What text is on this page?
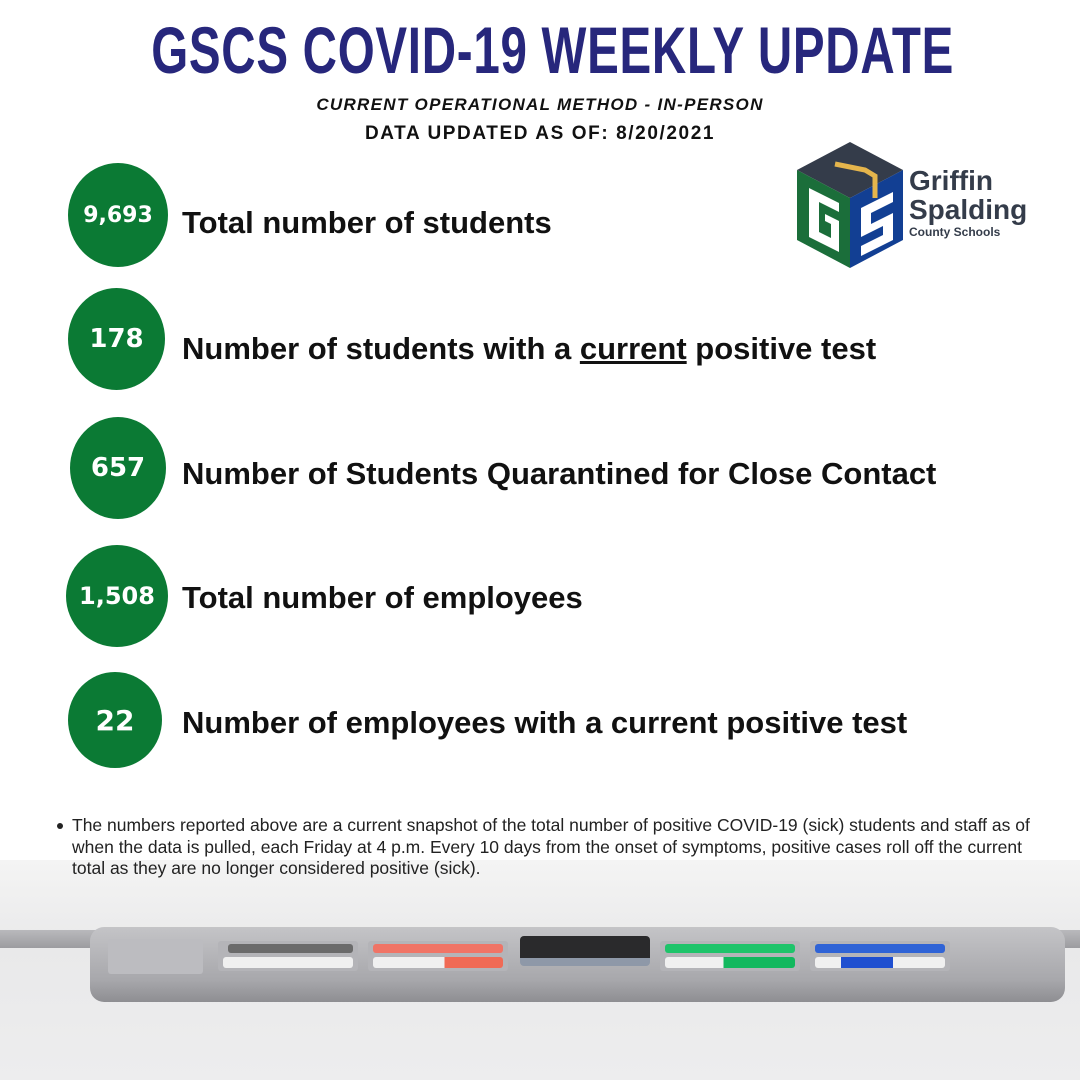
GSCS COVID-19 WEEKLY UPDATE
CURRENT OPERATIONAL METHOD - IN-PERSON
DATA UPDATED AS OF: 8/20/2021
Griffin
Spalding
County Schools
9,693 Total number of students
178	Number of students with a current positive test
657	Number of Students Quarantined for Close Contact
1,508 Total number of employees
22	Number of employees with a current positive test
The numbers reported above are a current snapshot of the total number of positive COVID-19 (sick) students and staff as of when the data is pulled, each Friday at 4 p.m. Every 10 days from the onset of symptoms, positive cases roll off the current total as they are no longer considered positive (sick).
